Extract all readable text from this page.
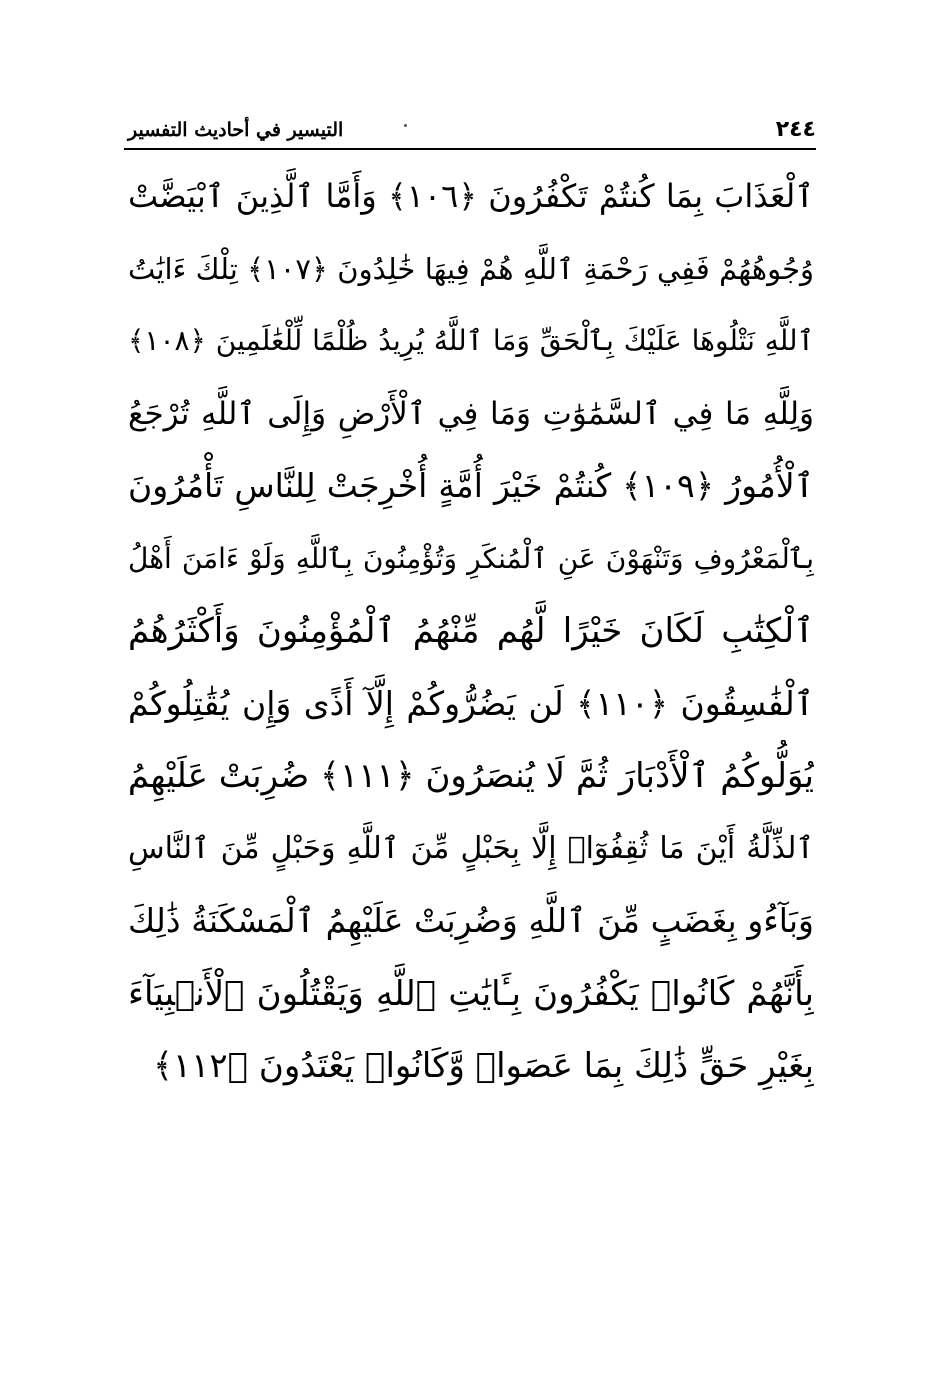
٢٤٤
التيسير في أحاديث التفسير
ٱلْعَذَابَ بِمَا كُنتُمْ تَكْفُرُونَ ﴿١٠٦﴾ وَأَمَّا ٱلَّذِينَ ٱبْيَضَّتْ
وُجُوهُهُمْ فَفِي رَحْمَةِ ٱللَّهِ هُمْ فِيهَا خَٰلِدُونَ ﴿١٠٧﴾ تِلْكَ ءَايَٰتُ
ٱللَّهِ نَتْلُوهَا عَلَيْكَ بِٱلْحَقِّ وَمَا ٱللَّهُ يُرِيدُ ظُلْمًا لِّلْعَٰلَمِينَ ﴿١٠٨﴾
وَلِلَّهِ مَا فِي ٱلسَّمَٰوَٰتِ وَمَا فِي ٱلْأَرْضِ وَإِلَى ٱللَّهِ تُرْجَعُ
ٱلْأُمُورُ ﴿١٠٩﴾ كُنتُمْ خَيْرَ أُمَّةٍ أُخْرِجَتْ لِلنَّاسِ تَأْمُرُونَ
بِٱلْمَعْرُوفِ وَتَنْهَوْنَ عَنِ ٱلْمُنكَرِ وَتُؤْمِنُونَ بِٱللَّهِ وَلَوْ ءَامَنَ أَهْلُ
ٱلْكِتَٰبِ لَكَانَ خَيْرًا لَّهُم مِّنْهُمُ ٱلْمُؤْمِنُونَ وَأَكْثَرُهُمُ
ٱلْفَٰسِقُونَ ﴿١١٠﴾ لَن يَضُرُّوكُمْ إِلَّآ أَذًى وَإِن يُقَٰتِلُوكُمْ
يُوَلُّوكُمُ ٱلْأَدْبَارَ ثُمَّ لَا يُنصَرُونَ ﴿١١١﴾ ضُرِبَتْ عَلَيْهِمُ
ٱلذِّلَّةُ أَيْنَ مَا ثُقِفُوٓا۟ إِلَّا بِحَبْلٍ مِّنَ ٱللَّهِ وَحَبْلٍ مِّنَ ٱلنَّاسِ
وَبَآءُو بِغَضَبٍ مِّنَ ٱللَّهِ وَضُرِبَتْ عَلَيْهِمُ ٱلْمَسْكَنَةُ ذَٰلِكَ
بِأَنَّهُمْ كَانُوا۟ يَكْفُرُونَ بِـَٔايَٰتِ ٱللَّهِ وَيَقْتُلُونَ ٱلْأَنۢبِيَآءَ
بِغَيْرِ حَقٍّ ذَٰلِكَ بِمَا عَصَوا۟ وَّكَانُوا۟ يَعْتَدُونَ ﴿١١٢﴾
